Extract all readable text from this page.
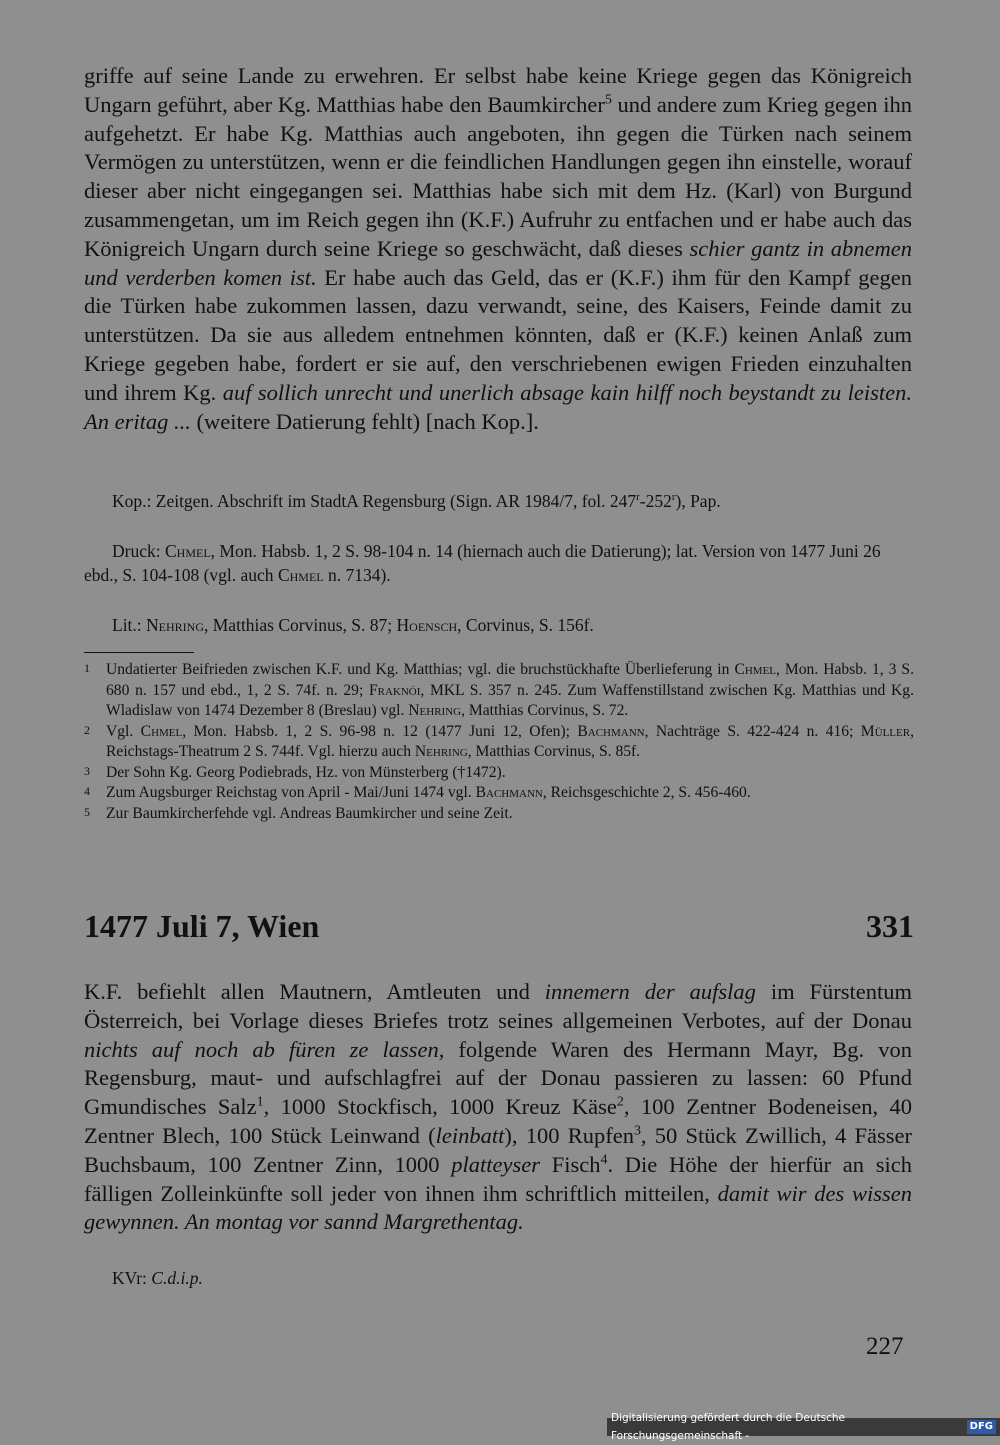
griffe auf seine Lande zu erwehren. Er selbst habe keine Kriege gegen das Königreich Ungarn geführt, aber Kg. Matthias habe den Baumkircher$^5$ und andere zum Krieg gegen ihn aufgehetzt. Er habe Kg. Matthias auch angeboten, ihn gegen die Türken nach seinem Vermögen zu unterstützen, wenn er die feindlichen Handlungen gegen ihn einstelle, worauf dieser aber nicht eingegangen sei. Matthias habe sich mit dem Hz. (Karl) von Burgund zusammengetan, um im Reich gegen ihn (K.F.) Aufruhr zu entfachen und er habe auch das Königreich Ungarn durch seine Kriege so geschwächt, daß dieses schier gantz in abnemen und verderben komen ist. Er habe auch das Geld, das er (K.F.) ihm für den Kampf gegen die Türken habe zukommen lassen, dazu verwandt, seine, des Kaisers, Feinde damit zu unterstützen. Da sie aus alledem entnehmen könnten, daß er (K.F.) keinen Anlaß zum Kriege gegeben habe, fordert er sie auf, den verschriebenen ewigen Frieden einzuhalten und ihrem Kg. auf sollich unrecht und unerlich absage kain hilff noch beystandt zu leisten. An eritag ... (weitere Datierung fehlt) [nach Kop.].

Kop.: Zeitgen. Abschrift im StadtA Regensburg (Sign. AR 1984/7, fol. 247$^r$-252$^r$), Pap.

Druck: Chmel, Mon. Habsb. 1, 2 S. 98-104 n. 14 (hiernach auch die Datierung); lat. Version von 1477 Juni 26 ebd., S. 104-108 (vgl. auch Chmel n. 7134).

Lit.: Nehring, Matthias Corvinus, S. 87; Hoensch, Corvinus, S. 156f.

1	Undatierter Beifrieden zwischen K.F. und Kg. Matthias; vgl. die bruchstückhafte Überlieferung in Chmel, Mon. Habsb. 1, 3 S. 680 n. 157 und ebd., 1, 2 S. 74f. n. 29; Fraknói, MKL S. 357 n. 245. Zum Waffenstillstand zwischen Kg. Matthias und Kg. Wladislaw von 1474 Dezember 8 (Breslau) vgl. Nehring, Matthias Corvinus, S. 72.
2	Vgl. Chmel, Mon. Habsb. 1, 2 S. 96-98 n. 12 (1477 Juni 12, Ofen); Bachmann, Nachträge S. 422-424 n. 416; Müller, Reichstags-Theatrum 2 S. 744f. Vgl. hierzu auch Nehring, Matthias Corvinus, S. 85f.
3	Der Sohn Kg. Georg Podiebrads, Hz. von Münsterberg (†1472).
4	Zum Augsburger Reichstag von April - Mai/Juni 1474 vgl. Bachmann, Reichsgeschichte 2, S. 456-460.
5	Zur Baumkircherfehde vgl. Andreas Baumkircher und seine Zeit.
1477 Juli 7, Wien	331

K.F. befiehlt allen Mautnern, Amtleuten und innemern der aufslag im Fürstentum Österreich, bei Vorlage dieses Briefes trotz seines allgemeinen Verbotes, auf der Donau nichts auf noch ab füren ze lassen, folgende Waren des Hermann Mayr, Bg. von Regensburg, maut- und aufschlagfrei auf der Donau passieren zu lassen: 60 Pfund Gmundisches Salz$^1$, 1000 Stockfisch, 1000 Kreuz Käse$^2$, 100 Zentner Bodeneisen, 40 Zentner Blech, 100 Stück Leinwand (leinbatt), 100 Rupfen$^3$, 50 Stück Zwillich, 4 Fässer Buchsbaum, 100 Zentner Zinn, 1000 platteyser Fisch$^4$. Die Höhe der hierfür an sich fälligen Zolleinkünfte soll jeder von ihnen ihm schriftlich mitteilen, damit wir des wissen gewynnen. An montag vor sannd Margrethentag.

KVr: C.d.i.p.

227
Digitalisierung gefördert durch die Deutsche Forschungsgemeinschaft -
DFG
